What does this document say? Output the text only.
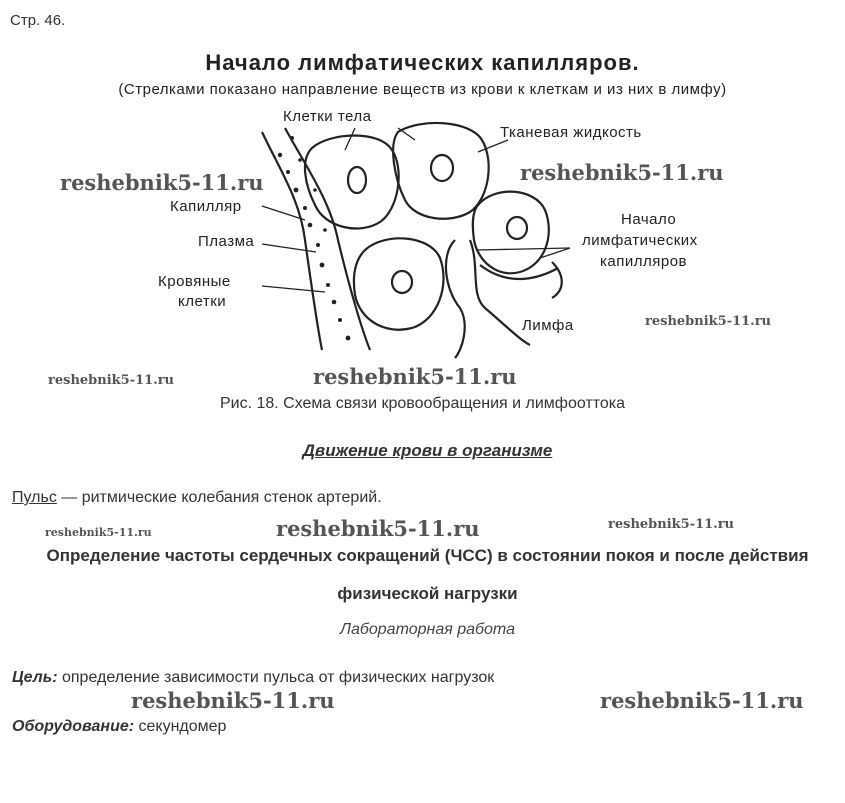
Стр. 46.
Начало лимфатических капилляров.
(Стрелками показано направление веществ из крови к клеткам и из них в лимфу)
Клетки тела
Тканевая жидкость
Капилляр
Плазма
Кровяные
клетки
Начало
лимфатических
капилляров
Лимфа
Рис. 18. Схема связи кровообращения и лимфооттока
Движение крови в организме
Пульс — ритмические колебания стенок артерий.
Определение частоты сердечных сокращений (ЧСС) в состоянии покоя и после действия физической нагрузки
Лабораторная работа
Цель: определение зависимости пульса от физических нагрузок
Оборудование: секундомер
reshebnik5-11.ru	reshebnik5-11.ru
reshebnik5-11.ru
reshebnik5-11.ru	reshebnik5-11.ru
reshebnik5-11.ru	reshebnik5-11.ru	reshebnik5-11.ru
reshebnik5-11.ru	reshebnik5-11.ru
